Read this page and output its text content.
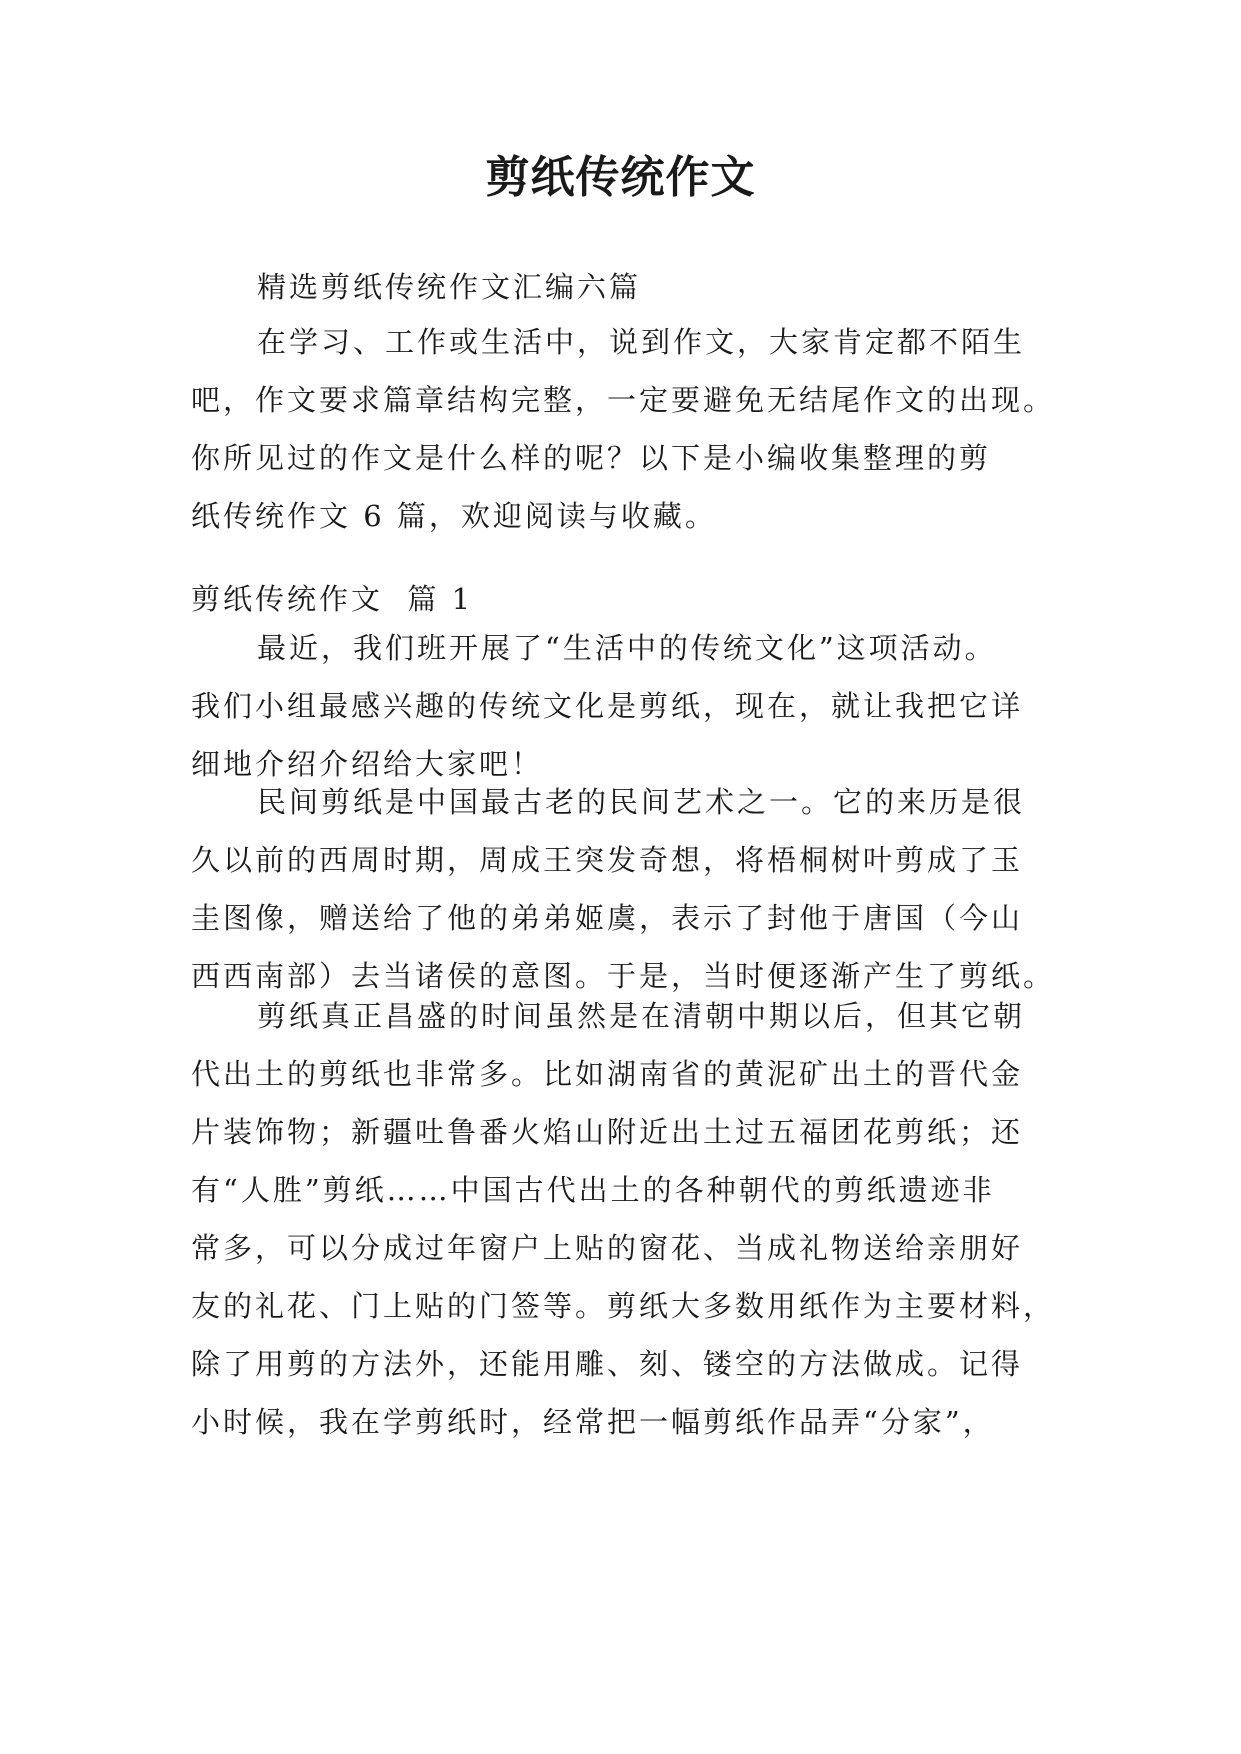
剪纸传统作文
精选剪纸传统作文汇编六篇
在学习、工作或生活中，说到作文，大家肯定都不陌生
吧，作文要求篇章结构完整，一定要避免无结尾作文的出现。
你所见过的作文是什么样的呢？以下是小编收集整理的剪
纸传统作文 6 篇，欢迎阅读与收藏。
剪纸传统作文  篇 1
最近，我们班开展了“生活中的传统文化”这项活动。
我们小组最感兴趣的传统文化是剪纸，现在，就让我把它详
细地介绍介绍给大家吧！
民间剪纸是中国最古老的民间艺术之一。它的来历是很
久以前的西周时期，周成王突发奇想，将梧桐树叶剪成了玉
圭图像，赠送给了他的弟弟姬虞，表示了封他于唐国（今山
西西南部）去当诸侯的意图。于是，当时便逐渐产生了剪纸。
剪纸真正昌盛的时间虽然是在清朝中期以后，但其它朝
代出土的剪纸也非常多。比如湖南省的黄泥矿出土的晋代金
片装饰物；新疆吐鲁番火焰山附近出土过五福团花剪纸；还
有“人胜”剪纸……中国古代出土的各种朝代的剪纸遗迹非
常多，可以分成过年窗户上贴的窗花、当成礼物送给亲朋好
友的礼花、门上贴的门签等。剪纸大多数用纸作为主要材料，
除了用剪的方法外，还能用雕、刻、镂空的方法做成。记得
小时候，我在学剪纸时，经常把一幅剪纸作品弄“分家”，
